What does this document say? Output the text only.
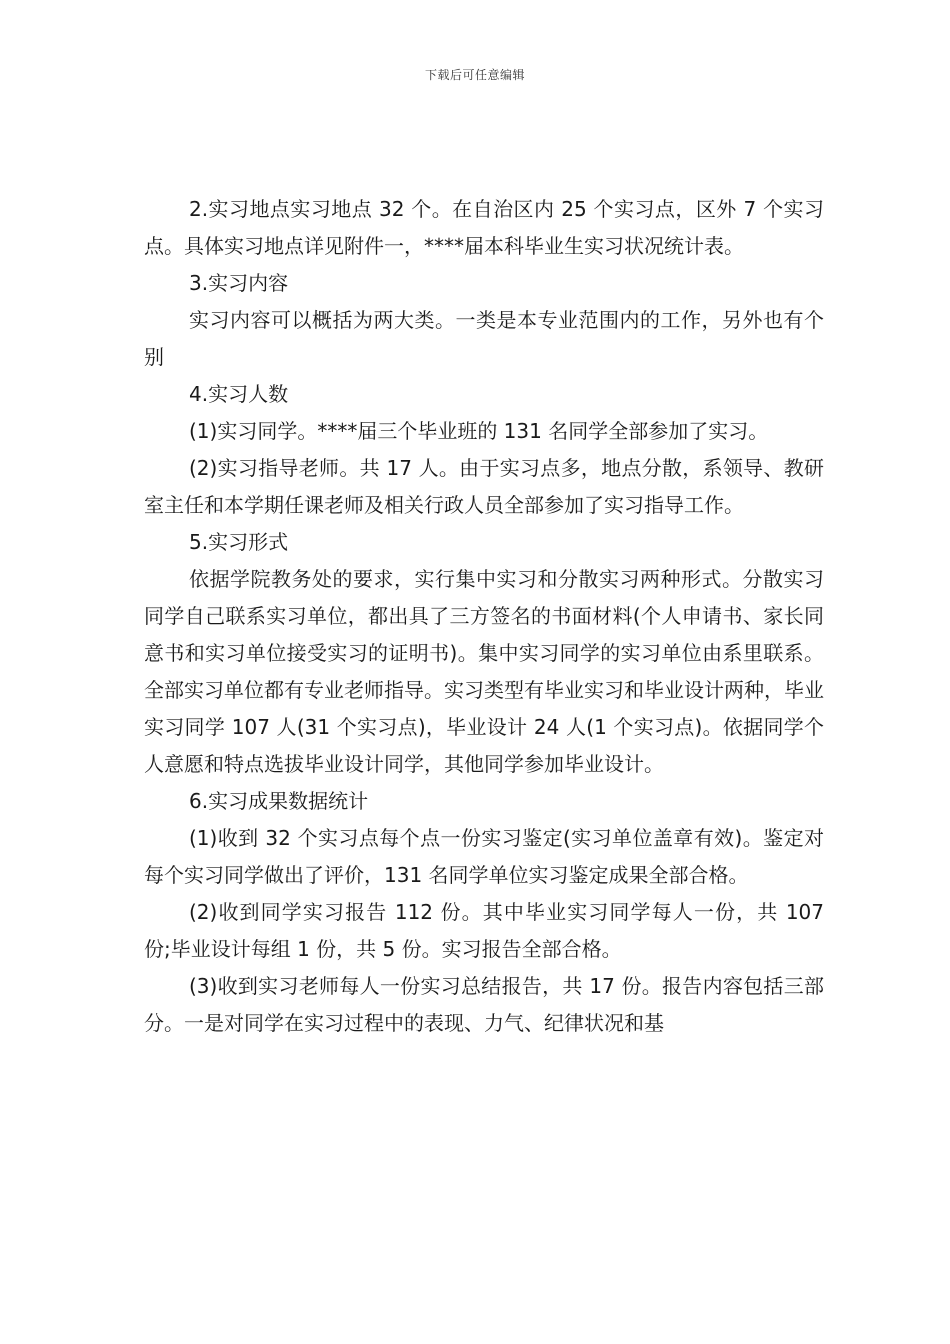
下载后可任意编辑

2.实习地点实习地点 32 个。在自治区内 25 个实习点，区外 7 个实习点。具体实习地点详见附件一，****届本科毕业生实习状况统计表。

3.实习内容

实习内容可以概括为两大类。一类是本专业范围内的工作，另外也有个别

4.实习人数

(1)实习同学。****届三个毕业班的 131 名同学全部参加了实习。

(2)实习指导老师。共 17 人。由于实习点多，地点分散，系领导、教研室主任和本学期任课老师及相关行政人员全部参加了实习指导工作。

5.实习形式

依据学院教务处的要求，实行集中实习和分散实习两种形式。分散实习同学自己联系实习单位，都出具了三方签名的书面材料(个人申请书、家长同意书和实习单位接受实习的证明书)。集中实习同学的实习单位由系里联系。全部实习单位都有专业老师指导。实习类型有毕业实习和毕业设计两种，毕业实习同学 107 人(31 个实习点)，毕业设计 24 人(1 个实习点)。依据同学个人意愿和特点选拔毕业设计同学，其他同学参加毕业设计。

6.实习成果数据统计

(1)收到 32 个实习点每个点一份实习鉴定(实习单位盖章有效)。鉴定对每个实习同学做出了评价，131 名同学单位实习鉴定成果全部合格。

(2)收到同学实习报告 112 份。其中毕业实习同学每人一份，共 107 份;毕业设计每组 1 份，共 5 份。实习报告全部合格。

(3)收到实习老师每人一份实习总结报告，共 17 份。报告内容包括三部分。一是对同学在实习过程中的表现、力气、纪律状况和基
